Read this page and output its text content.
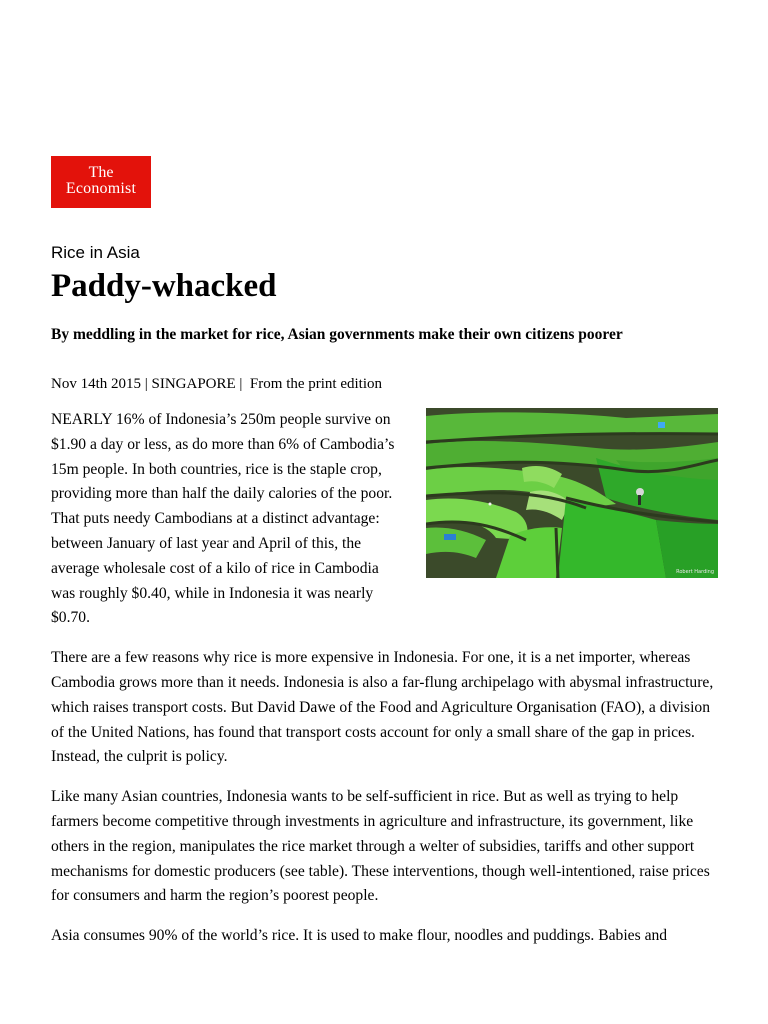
The
Economist
Rice in Asia
Paddy-whacked
By meddling in the market for rice, Asian governments make their own citizens poorer
Nov 14th 2015 | SINGAPORE |  From the print edition
Robert Harding

NEARLY 16% of Indonesia’s 250m people survive on $1.90 a day or less, as do more than 6% of Cambodia’s 15m people. In both countries, rice is the staple crop, providing more than half the daily calories of the poor. That puts needy Cambodians at a distinct advantage: between January of last year and April of this, the average wholesale cost of a kilo of rice in Cambodia was roughly $0.40, while in Indonesia it was nearly $0.70.

There are a few reasons why rice is more expensive in Indonesia. For one, it is a net importer, whereas Cambodia grows more than it needs. Indonesia is also a far-flung archipelago with abysmal infrastructure, which raises transport costs. But David Dawe of the Food and Agriculture Organisation (FAO), a division of the United Nations, has found that transport costs account for only a small share of the gap in prices. Instead, the culprit is policy.

Like many Asian countries, Indonesia wants to be self-sufficient in rice. But as well as trying to help farmers become competitive through investments in agriculture and infrastructure, its government, like others in the region, manipulates the rice market through a welter of subsidies, tariffs and other support mechanisms for domestic producers (see table). These interventions, though well-intentioned, raise prices for consumers and harm the region’s poorest people.

Asia consumes 90% of the world’s rice. It is used to make flour, noodles and puddings. Babies and
